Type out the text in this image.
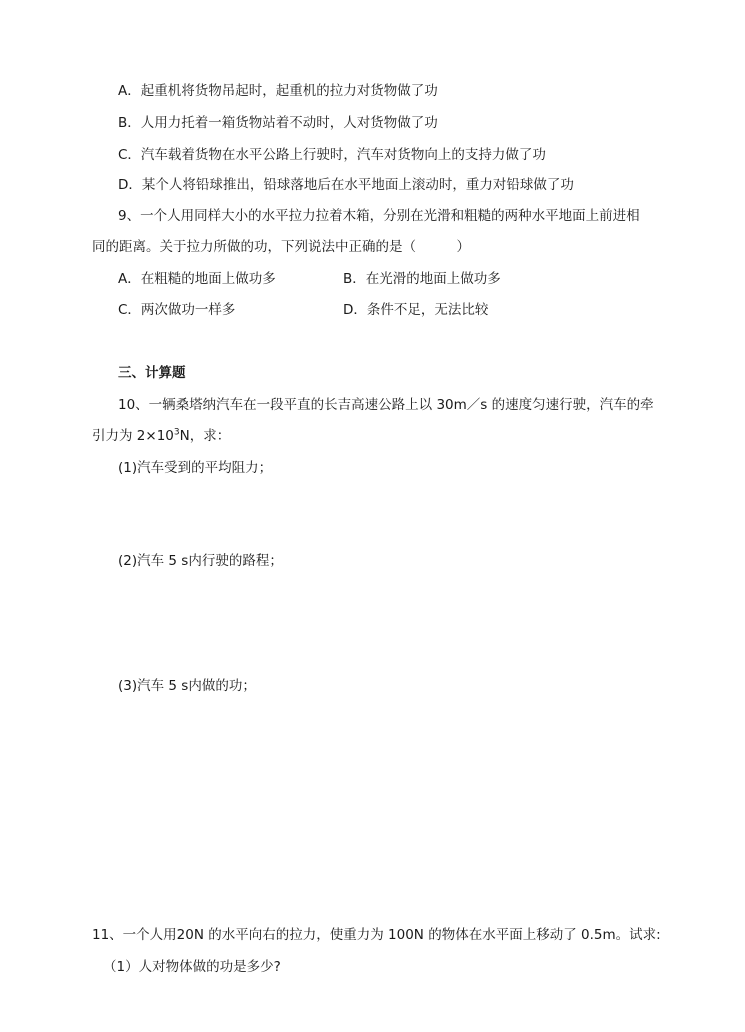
A．起重机将货物吊起时，起重机的拉力对货物做了功
B．人用力托着一箱货物站着不动时，人对货物做了功
C．汽车载着货物在水平公路上行驶时，汽车对货物向上的支持力做了功
D．某个人将铅球推出，铅球落地后在水平地面上滚动时，重力对铅球做了功
9、一个人用同样大小的水平拉力拉着木箱，分别在光滑和粗糙的两种水平地面上前进相
同的距离。关于拉力所做的功，下列说法中正确的是（　　　）
A．在粗糙的地面上做功多	B．在光滑的地面上做功多
C．两次做功一样多	D．条件不足，无法比较
三、计算题
10、一辆桑塔纳汽车在一段平直的长吉高速公路上以 30m／s 的速度匀速行驶，汽车的牵
引力为 $2\times 10^3N$，求：
(1)汽车受到的平均阻力；
(2)汽车 5 s内行驶的路程；
(3)汽车 5 s内做的功；
11、一个人用20N 的水平向右的拉力，使重力为 100N 的物体在水平面上移动了 0.5m。试求:
（1）人对物体做的功是多少?
